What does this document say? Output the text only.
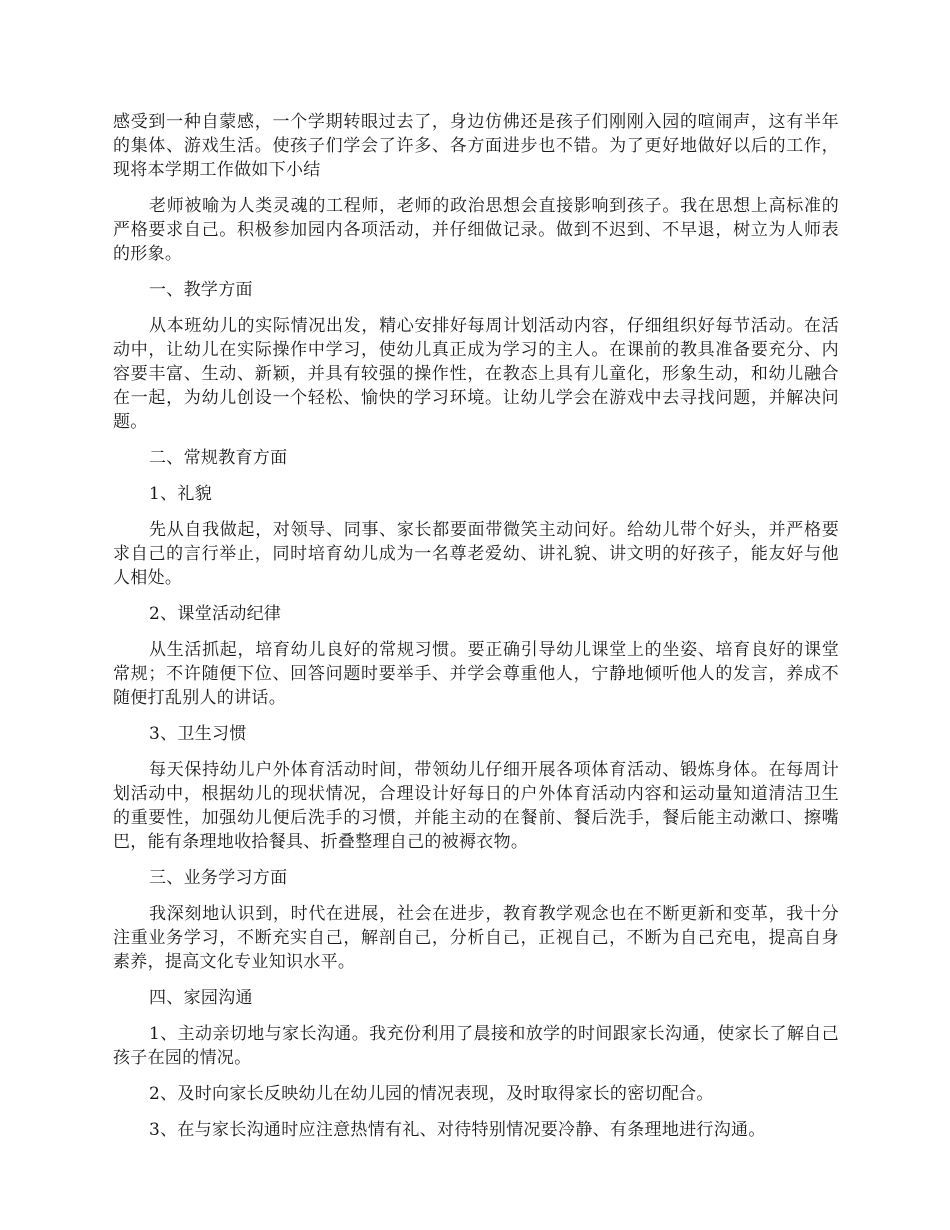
感受到一种自蒙感，一个学期转眼过去了，身边仿佛还是孩子们刚刚入园的喧闹声，这有半年的集体、游戏生活。使孩子们学会了许多、各方面进步也不错。为了更好地做好以后的工作，现将本学期工作做如下小结

老师被喻为人类灵魂的工程师，老师的政治思想会直接影响到孩子。我在思想上高标准的严格要求自己。积极参加园内各项活动，并仔细做记录。做到不迟到、不早退，树立为人师表的形象。

一、教学方面

从本班幼儿的实际情况出发，精心安排好每周计划活动内容，仔细组织好每节活动。在活动中，让幼儿在实际操作中学习，使幼儿真正成为学习的主人。在课前的教具准备要充分、内容要丰富、生动、新颖，并具有较强的操作性，在教态上具有儿童化，形象生动，和幼儿融合在一起，为幼儿创设一个轻松、愉快的学习环境。让幼儿学会在游戏中去寻找问题，并解决问题。

二、常规教育方面

1、礼貌

先从自我做起，对领导、同事、家长都要面带微笑主动问好。给幼儿带个好头，并严格要求自己的言行举止，同时培育幼儿成为一名尊老爱幼、讲礼貌、讲文明的好孩子，能友好与他人相处。

2、课堂活动纪律

从生活抓起，培育幼儿良好的常规习惯。要正确引导幼儿课堂上的坐姿、培育良好的课堂常规；不许随便下位、回答问题时要举手、并学会尊重他人，宁静地倾听他人的发言，养成不随便打乱别人的讲话。

3、卫生习惯

每天保持幼儿户外体育活动时间，带领幼儿仔细开展各项体育活动、锻炼身体。在每周计划活动中，根据幼儿的现状情况，合理设计好每日的户外体育活动内容和运动量知道清洁卫生的重要性，加强幼儿便后洗手的习惯，并能主动的在餐前、餐后洗手，餐后能主动漱口、擦嘴巴，能有条理地收拾餐具、折叠整理自己的被褥衣物。

三、业务学习方面

我深刻地认识到，时代在进展，社会在进步，教育教学观念也在不断更新和变革，我十分注重业务学习，不断充实自己，解剖自己，分析自己，正视自己，不断为自己充电，提高自身素养，提高文化专业知识水平。

四、家园沟通

1、主动亲切地与家长沟通。我充份利用了晨接和放学的时间跟家长沟通，使家长了解自己孩子在园的情况。

2、及时向家长反映幼儿在幼儿园的情况表现，及时取得家长的密切配合。

3、在与家长沟通时应注意热情有礼、对待特别情况要冷静、有条理地进行沟通。
